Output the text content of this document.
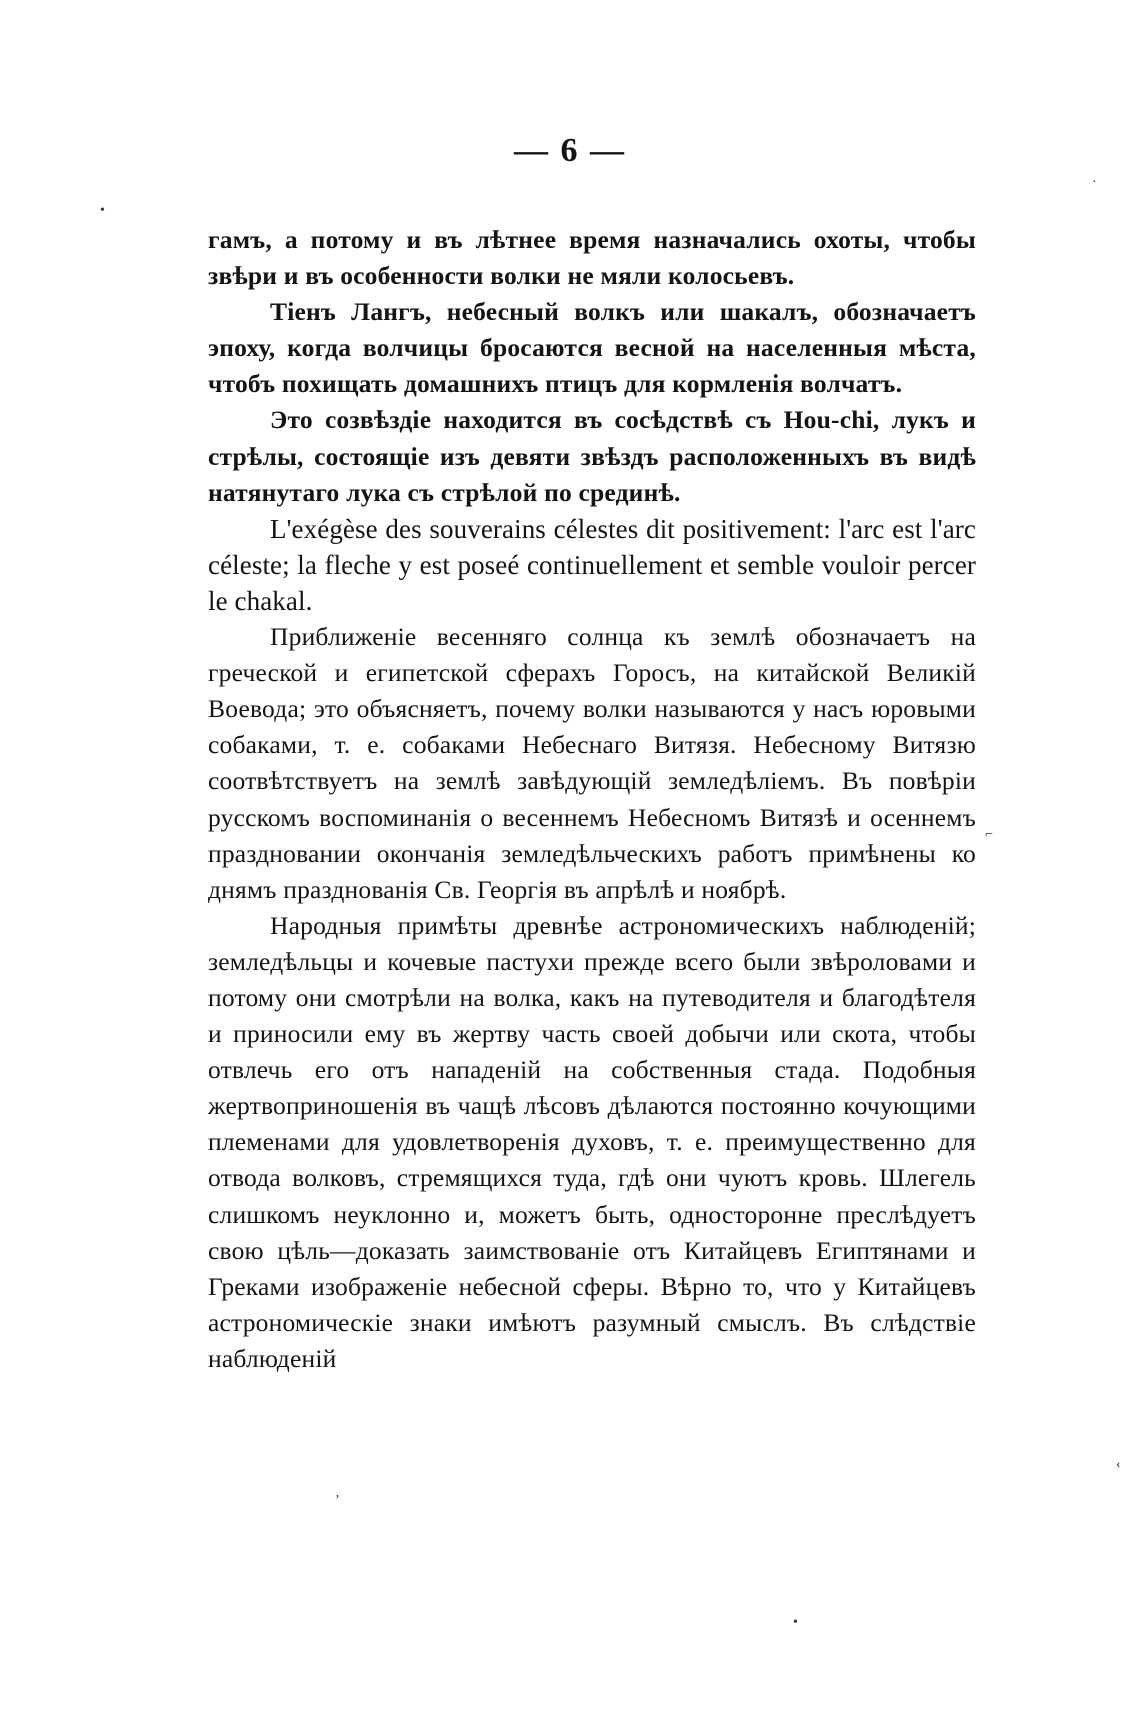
— 6 —

гамъ, а потому и въ лѣтнее время назначались охоты, чтобы звѣри и въ особенности волки не мяли колосьевъ.

Тіенъ Лангъ, небесный волкъ или шакалъ, обозначаетъ эпоху, когда волчицы бросаются весной на населенныя мѣста, чтобъ похищать домашнихъ птицъ для кормленія волчатъ.

Это созвѣздіе находится въ сосѣдствѣ съ Hou-chi, лукъ и стрѣлы, состоящіе изъ девяти звѣздъ расположенныхъ въ видѣ натянутаго лука съ стрѣлой по срединѣ.

L'exégèse des souverains célestes dit positivement: l'arc est l'arc céleste; la fleche y est poseé continuellement et semble vouloir percer le chakal.

Приближеніе весенняго солнца къ землѣ обозначаетъ на греческой и египетской сферахъ Горосъ, на китайской Великій Воевода; это объясняетъ, почему волки называются у насъ юровыми собаками, т. е. собаками Небеснаго Витязя. Небесному Витязю соотвѣтствуетъ на землѣ завѣдующій земледѣліемъ. Въ повѣріи русскомъ воспоминанія о весеннемъ Небесномъ Витязѣ и осеннемъ праздновании окончанія земледѣльческихъ работъ примѣнены ко днямъ празднованія Св. Георгія въ апрѣлѣ и ноябрѣ.

Народныя примѣты древнѣе астрономическихъ наблюденій; земледѣльцы и кочевые пастухи прежде всего были звѣроловами и потому они смотрѣли на волка, какъ на путеводителя и благодѣтеля и приносили ему въ жертву часть своей добычи или скота, чтобы отвлечь его отъ нападеній на собственныя стада. Подобныя жертвоприношенія въ чащѣ лѣсовъ дѣлаются постоянно кочующими племенами для удовлетворенія духовъ, т. е. преимущественно для отвода волковъ, стремящихся туда, гдѣ они чуютъ кровь. Шлегель слишкомъ неуклонно и, можетъ быть, односторонне преслѣдуетъ свою цѣль—доказать заимствованіе отъ Китайцевъ Египтянами и Греками изображеніе небесной сферы. Вѣрно то, что у Китайцевъ астрономическіе знаки имѣютъ разумный смыслъ. Въ слѣдствіе наблюденій

•
·
⌐
’
•
‹
